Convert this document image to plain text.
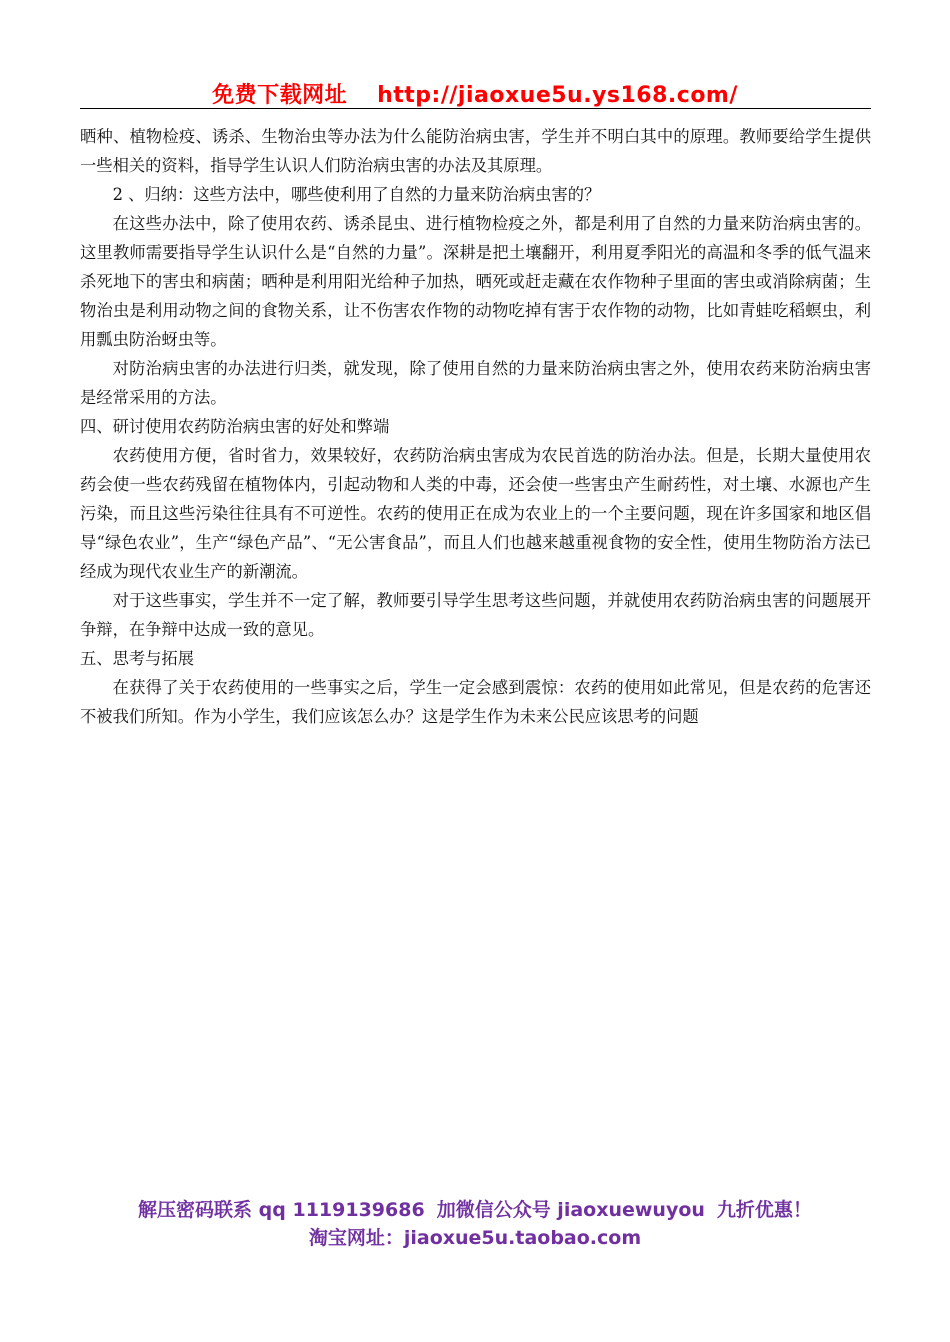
免费下载网址 http://jiaoxue5u.ys168.com/

晒种、植物检疫、诱杀、生物治虫等办法为什么能防治病虫害，学生并不明白其中的原理。教师要给学生提供一些相关的资料，指导学生认识人们防治病虫害的办法及其原理。

2 、归纳：这些方法中，哪些使利用了自然的力量来防治病虫害的？

在这些办法中，除了使用农药、诱杀昆虫、进行植物检疫之外，都是利用了自然的力量来防治病虫害的。这里教师需要指导学生认识什么是“自然的力量”。深耕是把土壤翻开，利用夏季阳光的高温和冬季的低气温来杀死地下的害虫和病菌；晒种是利用阳光给种子加热，晒死或赶走藏在农作物种子里面的害虫或消除病菌；生物治虫是利用动物之间的食物关系，让不伤害农作物的动物吃掉有害于农作物的动物，比如青蛙吃稻螟虫，利用瓢虫防治蚜虫等。

对防治病虫害的办法进行归类，就发现，除了使用自然的力量来防治病虫害之外，使用农药来防治病虫害是经常采用的方法。

四、研讨使用农药防治病虫害的好处和弊端

农药使用方便，省时省力，效果较好，农药防治病虫害成为农民首选的防治办法。但是，长期大量使用农药会使一些农药残留在植物体内，引起动物和人类的中毒，还会使一些害虫产生耐药性，对土壤、水源也产生污染，而且这些污染往往具有不可逆性。农药的使用正在成为农业上的一个主要问题，现在许多国家和地区倡导“绿色农业”，生产“绿色产品”、“无公害食品”，而且人们也越来越重视食物的安全性，使用生物防治方法已经成为现代农业生产的新潮流。

对于这些事实，学生并不一定了解，教师要引导学生思考这些问题，并就使用农药防治病虫害的问题展开争辩，在争辩中达成一致的意见。

五、思考与拓展

在获得了关于农药使用的一些事实之后，学生一定会感到震惊：农药的使用如此常见，但是农药的危害还不被我们所知。作为小学生，我们应该怎么办？这是学生作为未来公民应该思考的问题

解压密码联系 qq 1119139686 加微信公众号 jiaoxuewuyou 九折优惠！
淘宝网址：jiaoxue5u.taobao.com
